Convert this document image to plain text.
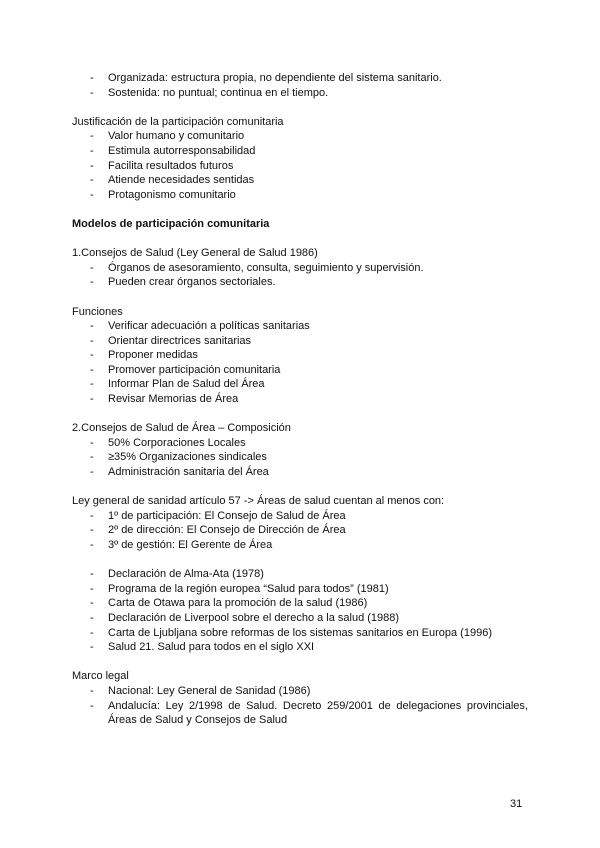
- Organizada: estructura propia, no dependiente del sistema sanitario.
- Sostenida: no puntual; continua en el tiempo.
Justificación de la participación comunitaria
- Valor humano y comunitario
- Estimula autorresponsabilidad
- Facilita resultados futuros
- Atiende necesidades sentidas
- Protagonismo comunitario
Modelos de participación comunitaria
1.Consejos de Salud (Ley General de Salud 1986)
- Órganos de asesoramiento, consulta, seguimiento y supervisión.
- Pueden crear órganos sectoriales.
Funciones
- Verificar adecuación a políticas sanitarias
- Orientar directrices sanitarias
- Proponer medidas
- Promover participación comunitaria
- Informar Plan de Salud del Área
- Revisar Memorias de Área
2.Consejos de Salud de Área – Composición
- 50% Corporaciones Locales
- ≥35% Organizaciones sindicales
- Administración sanitaria del Área
Ley general de sanidad artículo 57 -> Áreas de salud cuentan al menos con:
- 1º de participación: El Consejo de Salud de Área
- 2º de dirección: El Consejo de Dirección de Área
- 3º de gestión: El Gerente de Área
- Declaración de Alma-Ata (1978)
- Programa de la región europea “Salud para todos” (1981)
- Carta de Otawa para la promoción de la salud (1986)
- Declaración de Liverpool sobre el derecho a la salud (1988)
- Carta de Ljubljana sobre reformas de los sistemas sanitarios en Europa (1996)
- Salud 21. Salud para todos en el siglo XXI
Marco legal
- Nacional: Ley General de Sanidad (1986)
- Andalucía: Ley 2/1998 de Salud. Decreto 259/2001 de delegaciones provinciales, Áreas de Salud y Consejos de Salud
31
